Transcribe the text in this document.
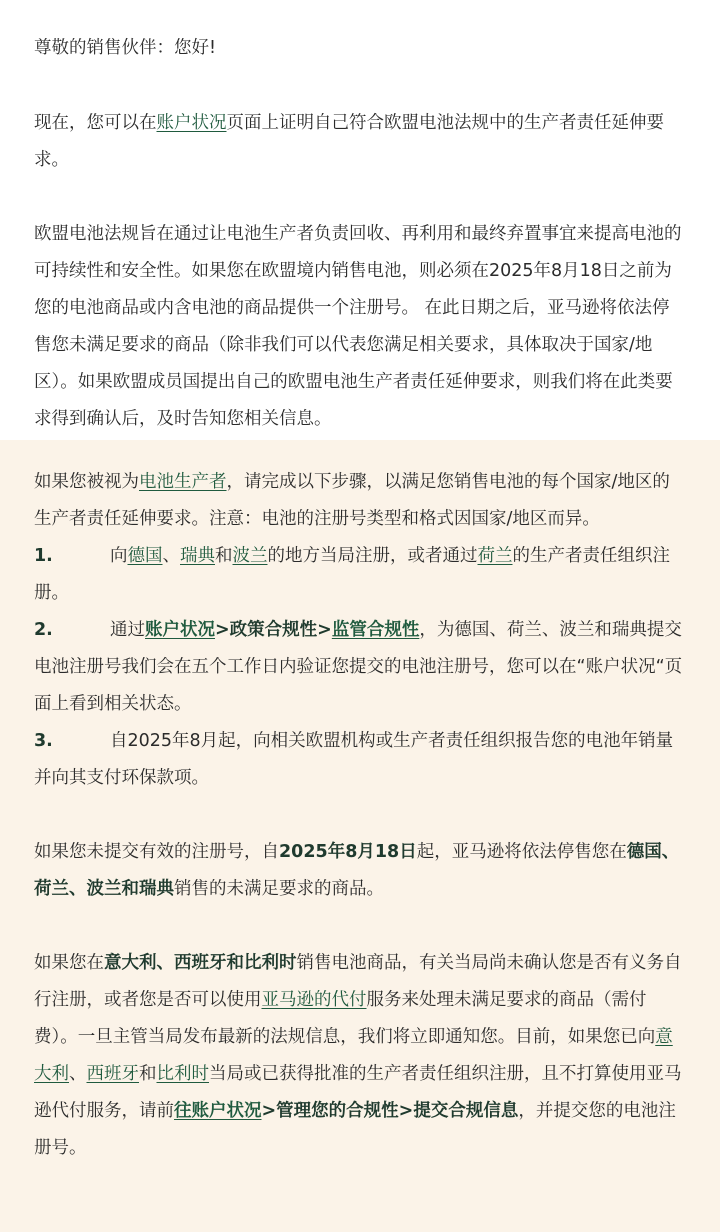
尊敬的销售伙伴：您好!

现在，您可以在账户状况页面上证明自己符合欧盟电池法规中的生产者责任延伸要求。

欧盟电池法规旨在通过让电池生产者负责回收、再利用和最终弃置事宜来提高电池的可持续性和安全性。如果您在欧盟境内销售电池，则必须在2025年8月18日之前为您的电池商品或内含电池的商品提供一个注册号。 在此日期之后，亚马逊将依法停售您未满足要求的商品（除非我们可以代表您满足相关要求，具体取决于国家/地区）。如果欧盟成员国提出自己的欧盟电池生产者责任延伸要求，则我们将在此类要求得到确认后，及时告知您相关信息。

如果您被视为电池生产者，请完成以下步骤，以满足您销售电池的每个国家/地区的生产者责任延伸要求。注意：电池的注册号类型和格式因国家/地区而异。

1.	向德国、瑞典和波兰的地方当局注册，或者通过荷兰的生产者责任组织注册。

2.	通过账户状况>政策合规性>监管合规性，为德国、荷兰、波兰和瑞典提交电池注册号我们会在五个工作日内验证您提交的电池注册号，您可以在“账户状况“页面上看到相关状态。

3.	自2025年8月起，向相关欧盟机构或生产者责任组织报告您的电池年销量并向其支付环保款项。

如果您未提交有效的注册号，自2025年8月18日起，亚马逊将依法停售您在德国、荷兰、波兰和瑞典销售的未满足要求的商品。

如果您在意大利、西班牙和比利时销售电池商品，有关当局尚未确认您是否有义务自行注册，或者您是否可以使用亚马逊的代付服务来处理未满足要求的商品（需付费）。一旦主管当局发布最新的法规信息，我们将立即通知您。目前，如果您已向意大利、西班牙和比利时当局或已获得批准的生产者责任组织注册，且不打算使用亚马逊代付服务，请前往账户状况>管理您的合规性>提交合规信息，并提交您的电池注册号。
